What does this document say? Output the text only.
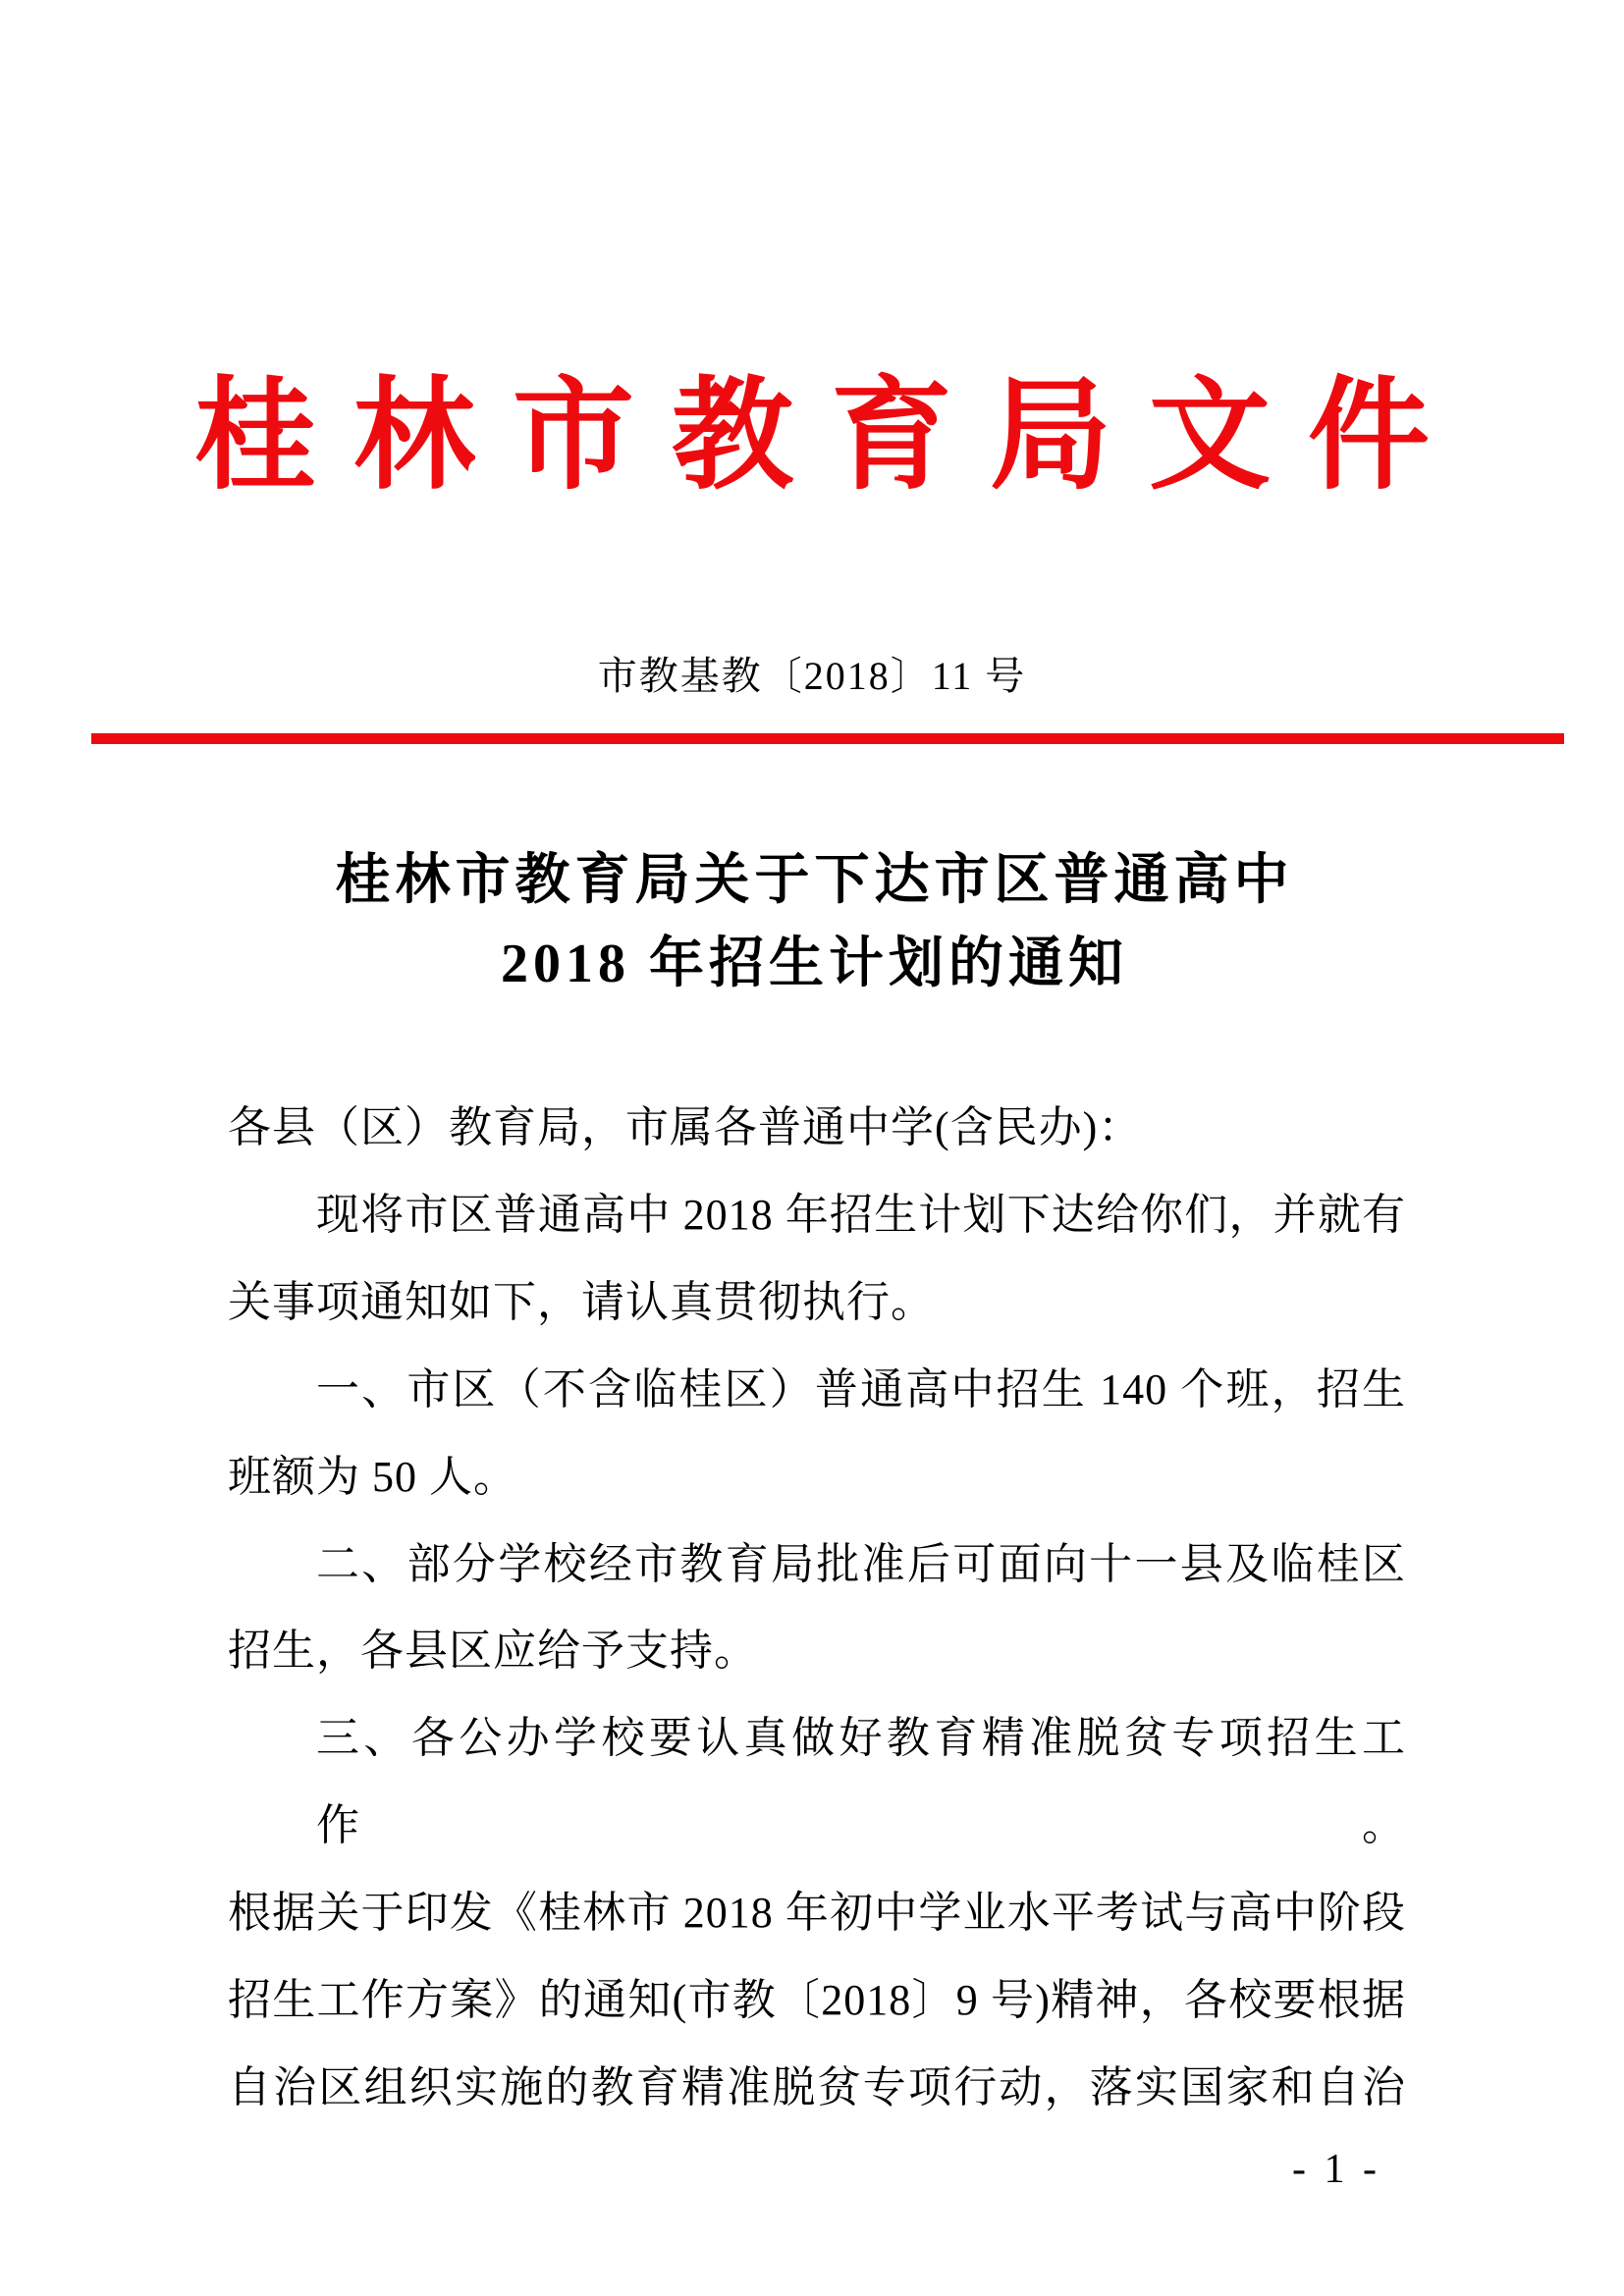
桂林市教育局文件
市教基教〔2018〕11 号
桂林市教育局关于下达市区普通高中
2018 年招生计划的通知
各县（区）教育局，市属各普通中学(含民办)：
现将市区普通高中 2018 年招生计划下达给你们，并就有
关事项通知如下，请认真贯彻执行。
一、市区（不含临桂区）普通高中招生 140 个班，招生
班额为 50 人。
二、部分学校经市教育局批准后可面向十一县及临桂区
招生，各县区应给予支持。
三、各公办学校要认真做好教育精准脱贫专项招生工作。
根据关于印发《桂林市 2018 年初中学业水平考试与高中阶段
招生工作方案》的通知(市教〔2018〕9 号)精神，各校要根据
自治区组织实施的教育精准脱贫专项行动，落实国家和自治
- 1 -
